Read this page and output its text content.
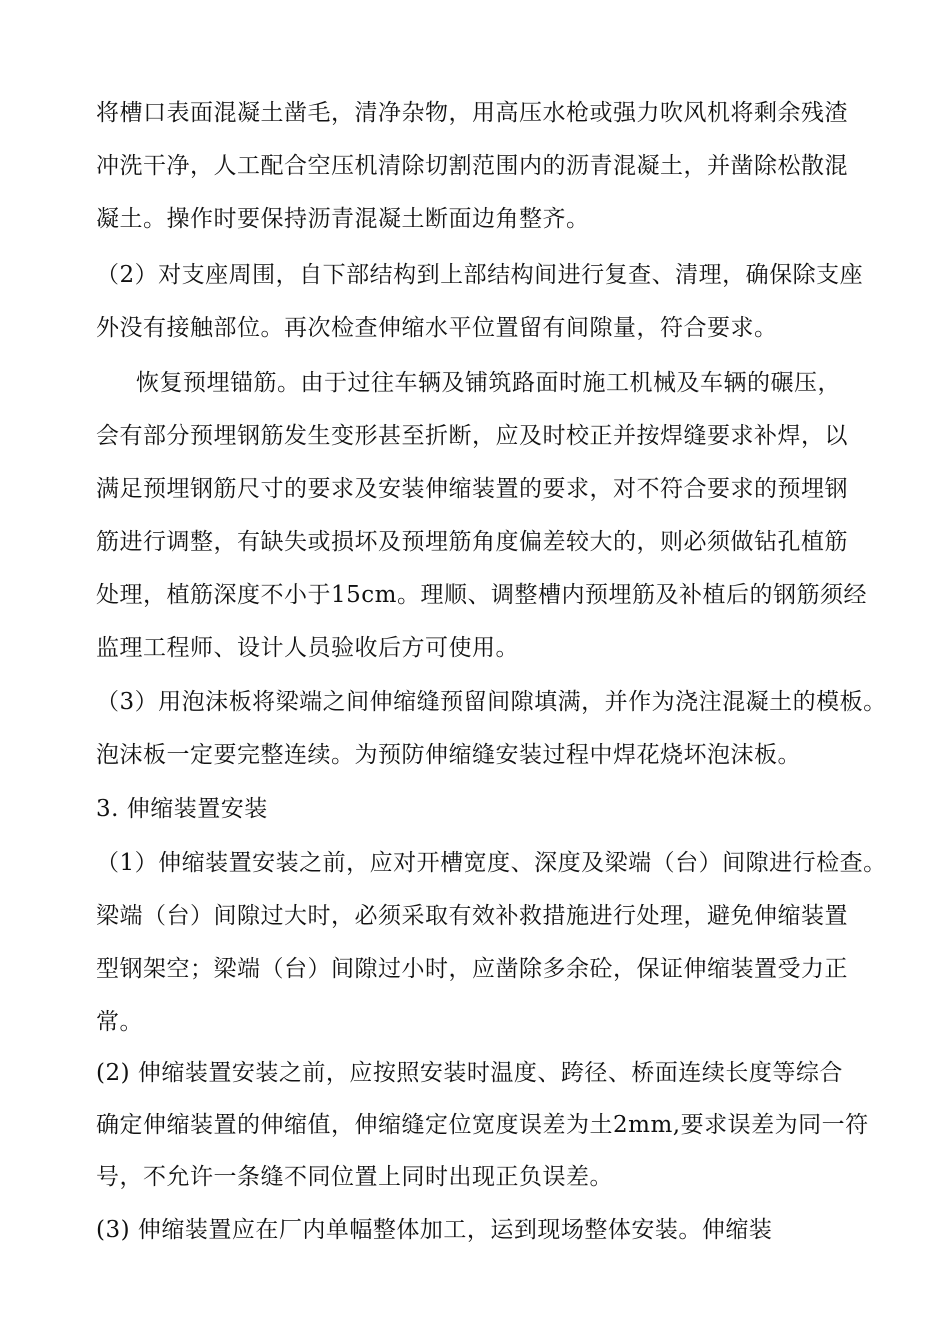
将槽口表面混凝土凿毛，清净杂物，用高压水枪或强力吹风机将剩余残渣
冲洗干净，人工配合空压机清除切割范围内的沥青混凝土，并凿除松散混
凝土。操作时要保持沥青混凝土断面边角整齐。
（2）对支座周围，自下部结构到上部结构间进行复查、清理，确保除支座
外没有接触部位。再次检查伸缩水平位置留有间隙量，符合要求。
恢复预埋锚筋。由于过往车辆及铺筑路面时施工机械及车辆的碾压，
会有部分预埋钢筋发生变形甚至折断，应及时校正并按焊缝要求补焊，以
满足预埋钢筋尺寸的要求及安装伸缩装置的要求，对不符合要求的预埋钢
筋进行调整，有缺失或损坏及预埋筋角度偏差较大的，则必须做钻孔植筋
处理，植筋深度不小于15cm。理顺、调整槽内预埋筋及补植后的钢筋须经
监理工程师、设计人员验收后方可使用。
（3）用泡沫板将梁端之间伸缩缝预留间隙填满，并作为浇注混凝土的模板。
泡沫板一定要完整连续。为预防伸缩缝安装过程中焊花烧坏泡沫板。
3. 伸缩装置安装
（1）伸缩装置安装之前，应对开槽宽度、深度及梁端（台）间隙进行检查。
梁端（台）间隙过大时，必须采取有效补救措施进行处理，避免伸缩装置
型钢架空；梁端（台）间隙过小时，应凿除多余砼，保证伸缩装置受力正
常。
(2) 伸缩装置安装之前，应按照安装时温度、跨径、桥面连续长度等综合
确定伸缩装置的伸缩值，伸缩缝定位宽度误差为土2mm,要求误差为同一符
号，不允许一条缝不同位置上同时出现正负误差。
(3) 伸缩装置应在厂内单幅整体加工，运到现场整体安装。伸缩装
